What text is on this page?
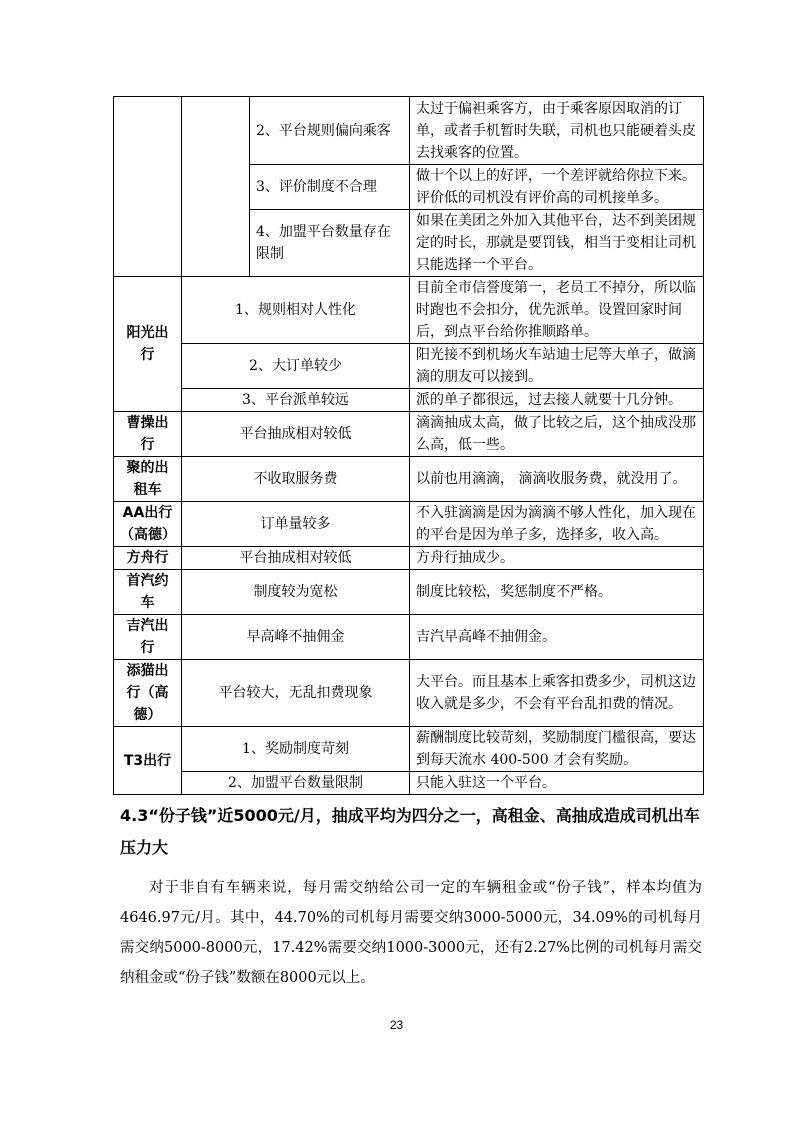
		2、平台规则偏向乘客	太过于偏袒乘客方，由于乘客原因取消的订单，或者手机暂时失联，司机也只能硬着头皮去找乘客的位置。
		3、评价制度不合理	做十个以上的好评，一个差评就给你拉下来。评价低的司机没有评价高的司机接单多。
		4、加盟平台数量存在限制	如果在美团之外加入其他平台，达不到美团规定的时长，那就是要罚钱，相当于变相让司机只能选择一个平台。
阳光出行	1、规则相对人性化		目前全市信誉度第一，老员工不掉分，所以临时跑也不会扣分，优先派单。设置回家时间后，到点平台给你推顺路单。
	2、大订单较少		阳光接不到机场火车站迪士尼等大单子，做滴滴的朋友可以接到。
	3、平台派单较远		派的单子都很远，过去接人就要十几分钟。
曹操出行	平台抽成相对较低		滴滴抽成太高，做了比较之后，这个抽成没那么高，低一些。
聚的出租车	不收取服务费		以前也用滴滴， 滴滴收服务费，就没用了。
AA出行（高德）	订单量较多		不入驻滴滴是因为滴滴不够人性化，加入现在的平台是因为单子多，选择多，收入高。
方舟行	平台抽成相对较低		方舟行抽成少。
首汽约车	制度较为宽松		制度比较松，奖惩制度不严格。
吉汽出行	早高峰不抽佣金		吉汽早高峰不抽佣金。
添猫出行（高德）	平台较大，无乱扣费现象		大平台。而且基本上乘客扣费多少，司机这边收入就是多少，不会有平台乱扣费的情况。
T3出行	1、奖励制度苛刻		薪酬制度比较苛刻，奖励制度门槛很高，要达到每天流水 400-500 才会有奖励。
	2、加盟平台数量限制		只能入驻这一个平台。
4.3“份子钱”近5000元/月，抽成平均为四分之一，高租金、高抽成造成司机出车压力大

对于非自有车辆来说，每月需交纳给公司一定的车辆租金或“份子钱”，样本均值为4646.97元/月。其中，44.70%的司机每月需要交纳3000-5000元，34.09%的司机每月需交纳5000-8000元，17.42%需要交纳1000-3000元，还有2.27%比例的司机每月需交纳租金或“份子钱”数额在8000元以上。

23
